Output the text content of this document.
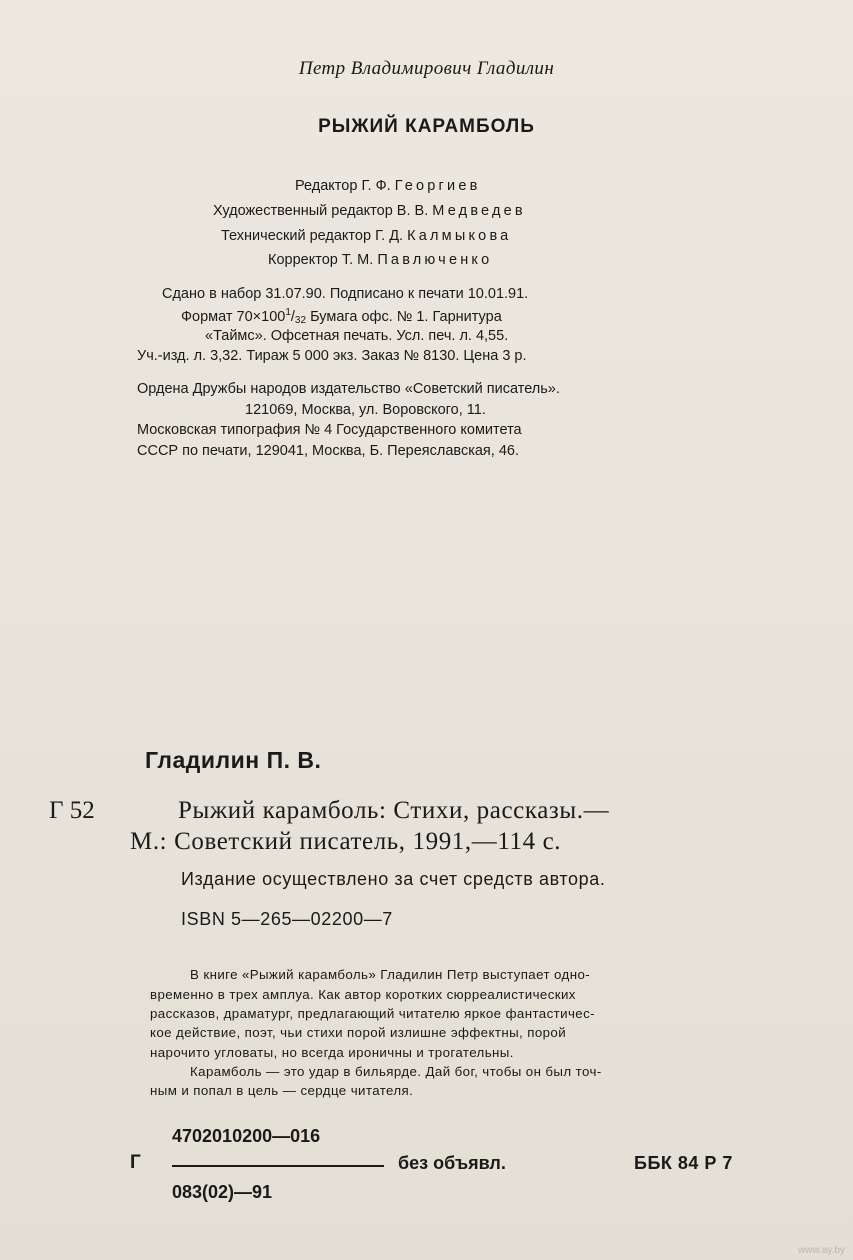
Петр Владимирович Гладилин
РЫЖИЙ КАРАМБОЛЬ
Редактор Г. Ф. Георгиев
Художественный редактор В. В. Медведев
Технический редактор Г. Д. Калмыкова
Корректор Т. М. Павлюченко
Сдано в набор 31.07.90. Подписано к печати 10.01.91.
Формат $70\times 100^1/_{32}$ Бумага офс. № 1. Гарнитура
«Таймс». Офсетная печать. Усл. печ. л. 4,55.
Уч.-изд. л. 3,32. Тираж 5 000 экз. Заказ № 8130. Цена 3 р.
Ордена Дружбы народов издательство «Советский писатель».
121069, Москва, ул. Воровского, 11.
Московская типография № 4 Государственного комитета
СССР по печати, 129041, Москва, Б. Переяславская, 46.
Гладилин П. В.
Г 52	Рыжий карамболь: Стихи, рассказы.—
М.: Советский писатель, 1991,—114 с.
Издание осуществлено за счет средств автора.
ISBN 5—265—02200—7
В книге «Рыжий карамболь» Гладилин Петр выступает одно-
временно в трех амплуа. Как автор коротких сюрреалистических
рассказов, драматург, предлагающий читателю яркое фантастичес-
кое действие, поэт, чьи стихи порой излишне эффектны, порой
нарочито угловаты, но всегда ироничны и трогательны.
Карамболь — это удар в бильярде. Дай бог, чтобы он был точ-
ным и попал в цель — сердце читателя.
4702010200—016
Г
083(02)—91
без объявл.	ББК 84 Р 7
www.ay.by
